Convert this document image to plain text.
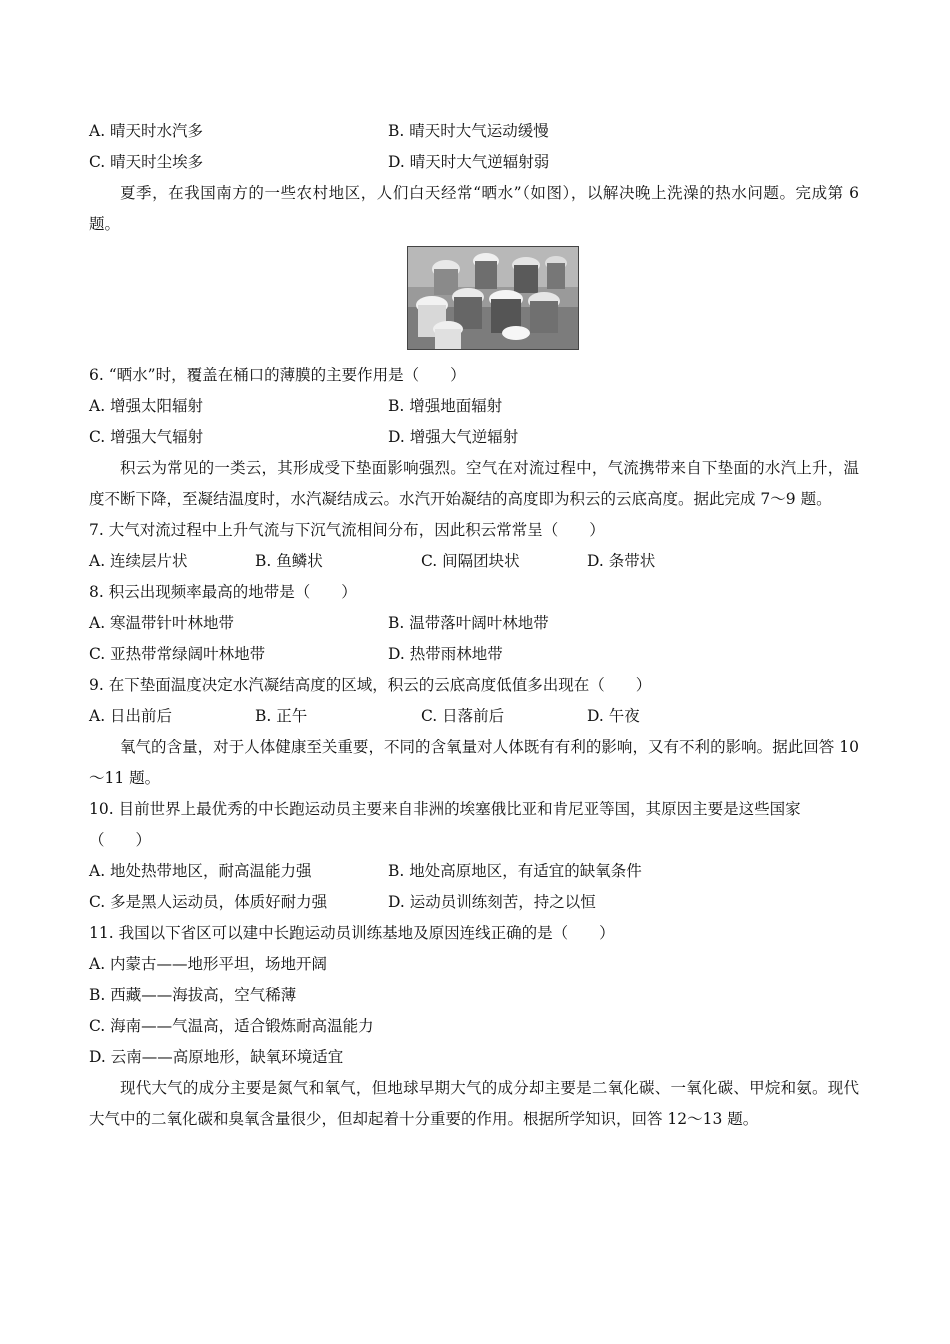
A. 晴天时水汽多	B. 晴天时大气运动缓慢
C. 晴天时尘埃多	D. 晴天时大气逆辐射弱
夏季，在我国南方的一些农村地区，人们白天经常“晒水”（如图），以解决晚上洗澡的热水问题。完成第 6 题。
6. “晒水”时，覆盖在桶口的薄膜的主要作用是（　　）
A. 增强太阳辐射	B. 增强地面辐射
C. 增强大气辐射	D. 增强大气逆辐射
积云为常见的一类云，其形成受下垫面影响强烈。空气在对流过程中，气流携带来自下垫面的水汽上升，温度不断下降，至凝结温度时，水汽凝结成云。水汽开始凝结的高度即为积云的云底高度。据此完成 7～9 题。
7. 大气对流过程中上升气流与下沉气流相间分布，因此积云常常呈（　　）
A. 连续层片状	B. 鱼鳞状	C. 间隔团块状	D. 条带状
8. 积云出现频率最高的地带是（　　）
A. 寒温带针叶林地带	B. 温带落叶阔叶林地带
C. 亚热带常绿阔叶林地带	D. 热带雨林地带
9. 在下垫面温度决定水汽凝结高度的区域，积云的云底高度低值多出现在（　　）
A. 日出前后	B. 正午	C. 日落前后	D. 午夜
氧气的含量，对于人体健康至关重要，不同的含氧量对人体既有有利的影响，又有不利的影响。据此回答 10～11 题。
10. 目前世界上最优秀的中长跑运动员主要来自非洲的埃塞俄比亚和肯尼亚等国，其原因主要是这些国家
（　　）
A. 地处热带地区，耐高温能力强	B. 地处高原地区，有适宜的缺氧条件
C. 多是黑人运动员，体质好耐力强	D. 运动员训练刻苦，持之以恒
11. 我国以下省区可以建中长跑运动员训练基地及原因连线正确的是（　　）
A. 内蒙古——地形平坦，场地开阔
B. 西藏——海拔高，空气稀薄
C. 海南——气温高，适合锻炼耐高温能力
D. 云南——高原地形，缺氧环境适宜
现代大气的成分主要是氮气和氧气，但地球早期大气的成分却主要是二氧化碳、一氧化碳、甲烷和氨。现代大气中的二氧化碳和臭氧含量很少，但却起着十分重要的作用。根据所学知识，回答 12～13 题。
